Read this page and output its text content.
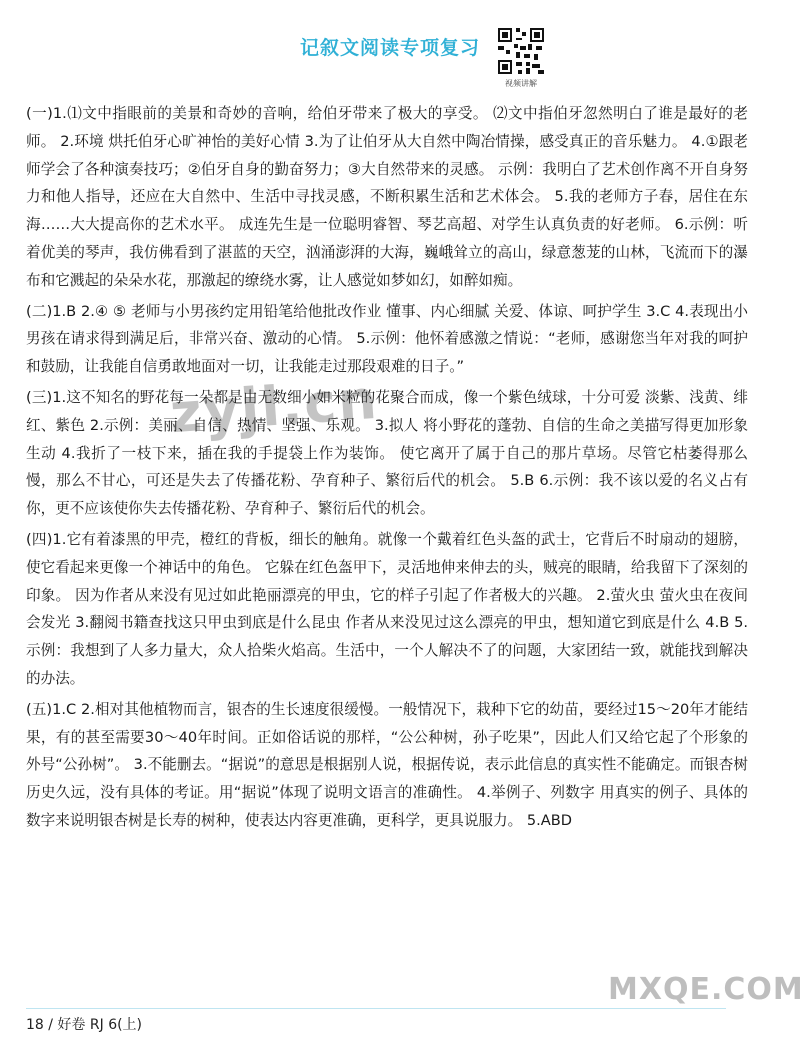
记叙文阅读专项复习
视频讲解
(一)1.⑴文中指眼前的美景和奇妙的音响，给伯牙带来了极大的享受。 ⑵文中指伯牙忽然明白了谁是最好的老师。 2.环境 烘托伯牙心旷神怡的美好心情 3.为了让伯牙从大自然中陶冶情操，感受真正的音乐魅力。 4.①跟老师学会了各种演奏技巧；②伯牙自身的勤奋努力；③大自然带来的灵感。 示例：我明白了艺术创作离不开自身努力和他人指导，还应在大自然中、生活中寻找灵感，不断积累生活和艺术体会。 5.我的老师方子春，居住在东海……大大提高你的艺术水平。 成连先生是一位聪明睿智、琴艺高超、对学生认真负责的好老师。 6.示例：听着优美的琴声，我仿佛看到了湛蓝的天空，汹涌澎湃的大海，巍峨耸立的高山，绿意葱茏的山林，飞流而下的瀑布和它溅起的朵朵水花，那激起的缭绕水雾，让人感觉如梦如幻，如醉如痴。
(二)1.B 2.④ ⑤ 老师与小男孩约定用铅笔给他批改作业 懂事、内心细腻 关爱、体谅、呵护学生 3.C 4.表现出小男孩在请求得到满足后，非常兴奋、激动的心情。 5.示例：他怀着感激之情说：“老师，感谢您当年对我的呵护和鼓励，让我能自信勇敢地面对一切，让我能走过那段艰难的日子。”
(三)1.这不知名的野花每一朵都是由无数细小如米粒的花聚合而成，像一个紫色绒球，十分可爱 淡紫、浅黄、绯红、紫色 2.示例：美丽、自信、热情、坚强、乐观。 3.拟人 将小野花的蓬勃、自信的生命之美描写得更加形象生动 4.我折了一枝下来，插在我的手提袋上作为装饰。 使它离开了属于自己的那片草场。尽管它枯萎得那么慢，那么不甘心，可还是失去了传播花粉、孕育种子、繁衍后代的机会。 5.B 6.示例：我不该以爱的名义占有你，更不应该使你失去传播花粉、孕育种子、繁衍后代的机会。
(四)1.它有着漆黑的甲壳，橙红的背板，细长的触角。就像一个戴着红色头盔的武士，它背后不时扇动的翅膀，使它看起来更像一个神话中的角色。 它躲在红色盔甲下，灵活地伸来伸去的头，贼亮的眼睛，给我留下了深刻的印象。 因为作者从来没有见过如此艳丽漂亮的甲虫，它的样子引起了作者极大的兴趣。 2.萤火虫 萤火虫在夜间会发光 3.翻阅书籍查找这只甲虫到底是什么昆虫 作者从来没见过这么漂亮的甲虫，想知道它到底是什么 4.B 5.示例：我想到了人多力量大，众人拾柴火焰高。生活中，一个人解决不了的问题，大家团结一致，就能找到解决的办法。
(五)1.C 2.相对其他植物而言，银杏的生长速度很缓慢。一般情况下，栽种下它的幼苗，要经过15～20年才能结果，有的甚至需要30～40年时间。正如俗话说的那样，“公公种树，孙子吃果”，因此人们又给它起了个形象的外号“公孙树”。 3.不能删去。“据说”的意思是根据别人说，根据传说，表示此信息的真实性不能确定。而银杏树历史久远，没有具体的考证。用“据说”体现了说明文语言的准确性。 4.举例子、列数字 用真实的例子、具体的数字来说明银杏树是长寿的树种，使表达内容更准确，更科学，更具说服力。 5.ABD
zyjl.cn
MXQE.COM
18 / 好卷 RJ 6(上)
